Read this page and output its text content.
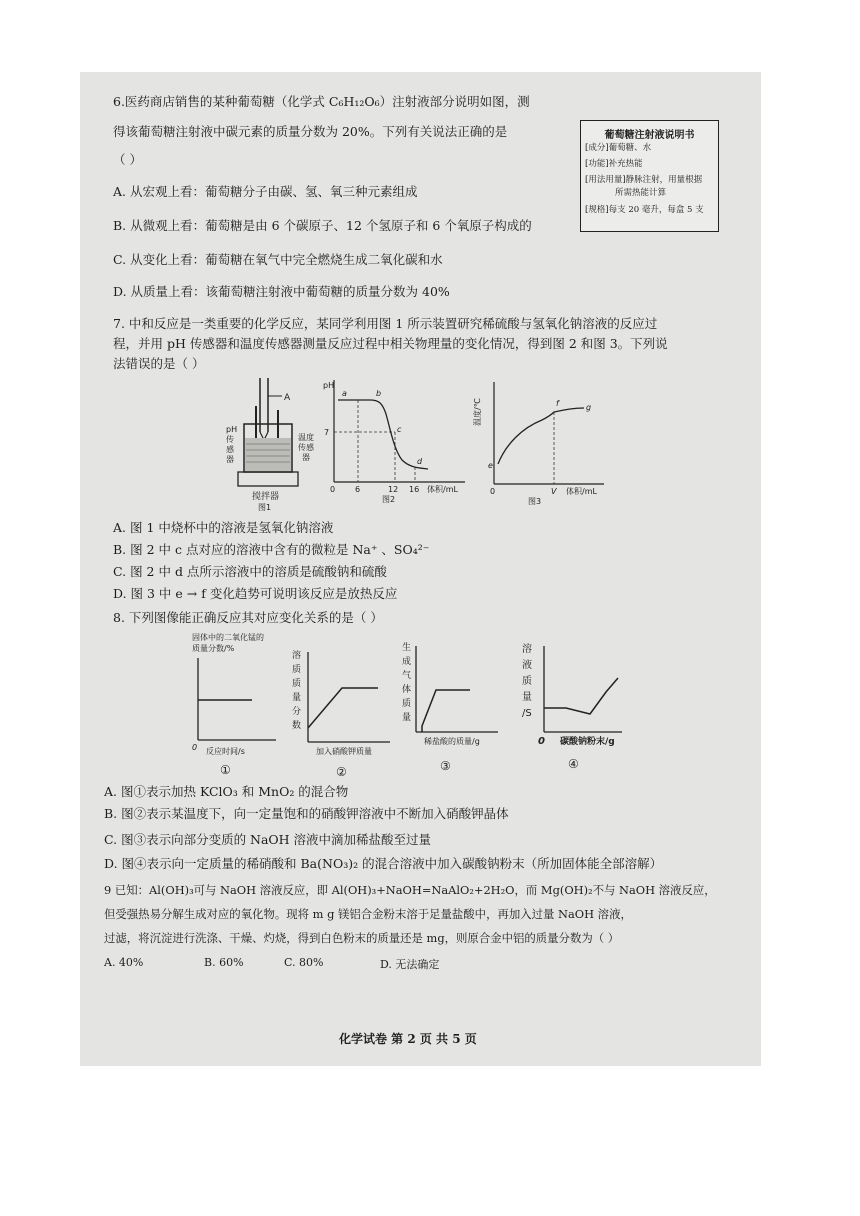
6.医药商店销售的某种葡萄糖（化学式 C₆H₁₂O₆）注射液部分说明如图，测
得该葡萄糖注射液中碳元素的质量分数为 20%。下列有关说法正确的是
（ ）
A. 从宏观上看：葡萄糖分子由碳、氢、氧三种元素组成
B. 从微观上看：葡萄糖是由 6 个碳原子、12 个氢原子和 6 个氧原子构成的
C. 从变化上看：葡萄糖在氧气中完全燃烧生成二氧化碳和水
D. 从质量上看：该葡萄糖注射液中葡萄糖的质量分数为 40%
葡萄糖注射液说明书
[成分]葡萄糖、水
[功能]补充热能
[用法用量]静脉注射，用量根据
所需热能计算
[规格]每支 20 毫升，每盒 5 支
7. 中和反应是一类重要的化学反应，某同学利用图 1 所示装置研究稀硫酸与氢氧化钠溶液的反应过
程，并用 pH 传感器和温度传感器测量反应过程中相关物理量的变化情况，得到图 2 和图 3。下列说
法错误的是（ ）
A
pH
传
感
器
温度
传感
器
搅拌器
图1
pH
7
a	b
c
d
0 6	12 16 体积/mL
图2
温度/℃
e
f	g
V 体积/mL
0
图3
A. 图 1 中烧杯中的溶液是氢氧化钠溶液
B. 图 2 中 c 点对应的溶液中含有的微粒是 Na⁺ 、SO₄²⁻
C. 图 2 中 d 点所示溶液中的溶质是硫酸钠和硫酸
D. 图 3 中 e → f 变化趋势可说明该反应是放热反应
8. 下列图像能正确反应其对应变化关系的是（ ）
固体中的二氧化锰的
质量分数/%
0 反应时间/s
①
溶
质
质
量
分
数
加入硝酸钾质量
②
生
成
气
体
质
量
稀盐酸的质量/g
③
溶
液
质
量
/S
0 碳酸钠粉末/g
④
A. 图①表示加热 KClO₃ 和 MnO₂ 的混合物
B. 图②表示某温度下，向一定量饱和的硝酸钾溶液中不断加入硝酸钾晶体
C. 图③表示向部分变质的 NaOH 溶液中滴加稀盐酸至过量
D. 图④表示向一定质量的稀硝酸和 Ba(NO₃)₂ 的混合溶液中加入碳酸钠粉末（所加固体能全部溶解）
9 已知：Al(OH)₃可与 NaOH 溶液反应，即 Al(OH)₃+NaOH=NaAlO₂+2H₂O，而 Mg(OH)₂不与 NaOH 溶液反应，
但受强热易分解生成对应的氧化物。现将 m g 镁铝合金粉末溶于足量盐酸中，再加入过量 NaOH 溶液，
过滤，将沉淀进行洗涤、干燥、灼烧，得到白色粉末的质量还是 mg，则原合金中铝的质量分数为（ ）
A. 40%	B. 60%	C. 80%	D. 无法确定
化学试卷 第 2 页 共 5 页
